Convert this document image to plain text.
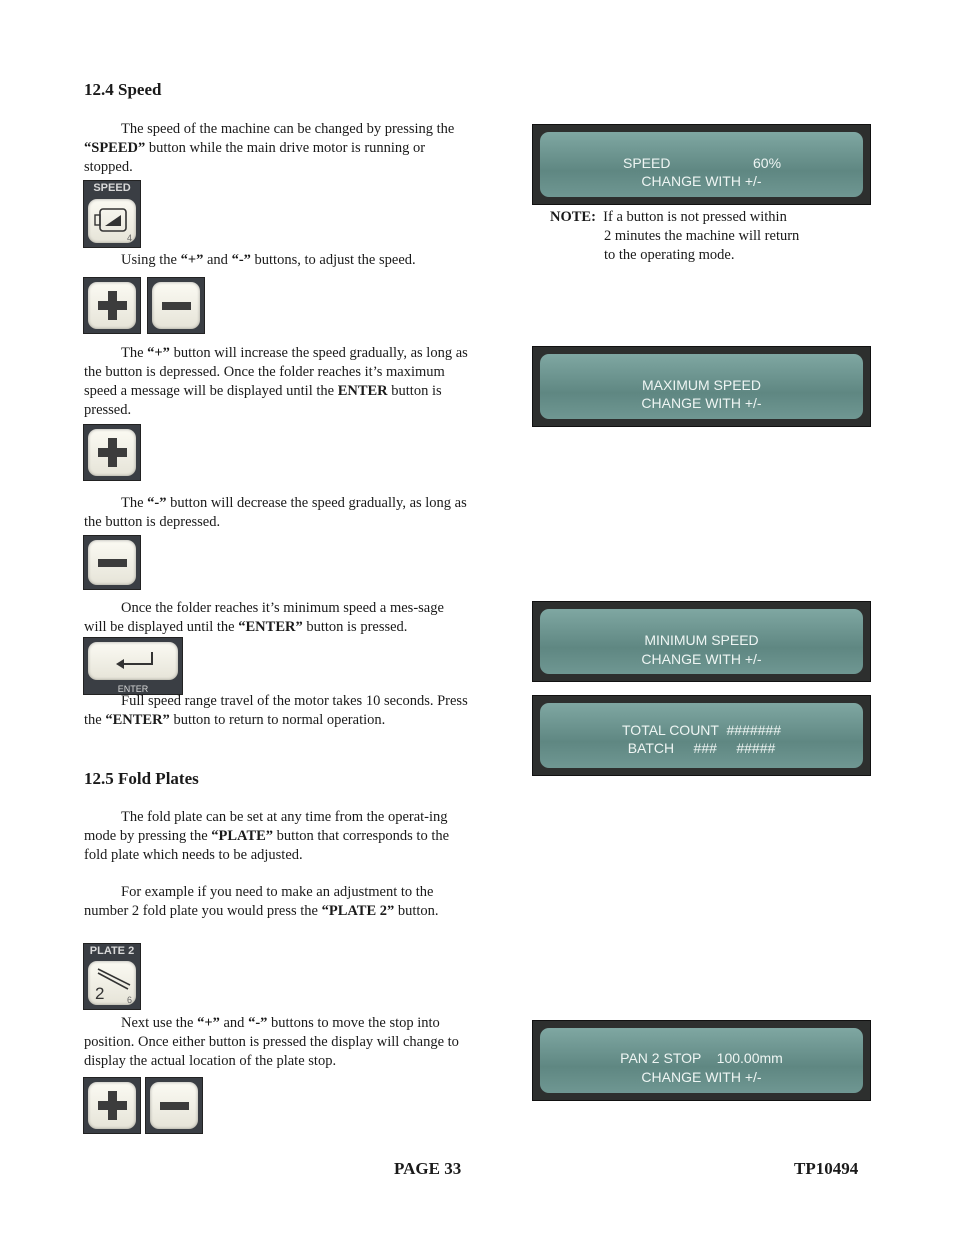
12.4 Speed
The speed of the machine can be changed by pressing the “SPEED” button while the main drive motor is running or stopped.
SPEED
4
Using the “+” and “-” buttons, to adjust the speed.
The “+” button will increase the speed gradually, as long as the button is depressed. Once the folder reaches it’s maximum speed a message will be displayed until the ENTER button is pressed.
The “-” button will decrease the speed gradually, as long as the button is depressed.
Once the folder reaches it’s minimum speed a mes-sage will be displayed until the “ENTER” button is pressed.
ENTER
Full speed range travel of the motor takes 10 seconds. Press the “ENTER” button to return to normal operation.
12.5 Fold Plates
The fold plate can be set at any time from the operat-ing mode by pressing the “PLATE” button that corresponds to the fold plate which needs to be adjusted.
For example if you need to make an adjustment to the number 2 fold plate you would press the “PLATE 2” button.
PLATE 2
2	6
Next use the “+” and “-” buttons to move the stop into position. Once either button is pressed the display will change to display the actual location of the plate stop.
SPEED	60%
CHANGE WITH +/-
NOTE: If a button is not pressed within
2 minutes the machine will return
to the operating mode.
MAXIMUM SPEED
CHANGE WITH +/-
MINIMUM SPEED
CHANGE WITH +/-
TOTAL COUNT  #######
BATCH     ###     #####
PAN 2 STOP    100.00mm
CHANGE WITH +/-
PAGE 33	TP10494
